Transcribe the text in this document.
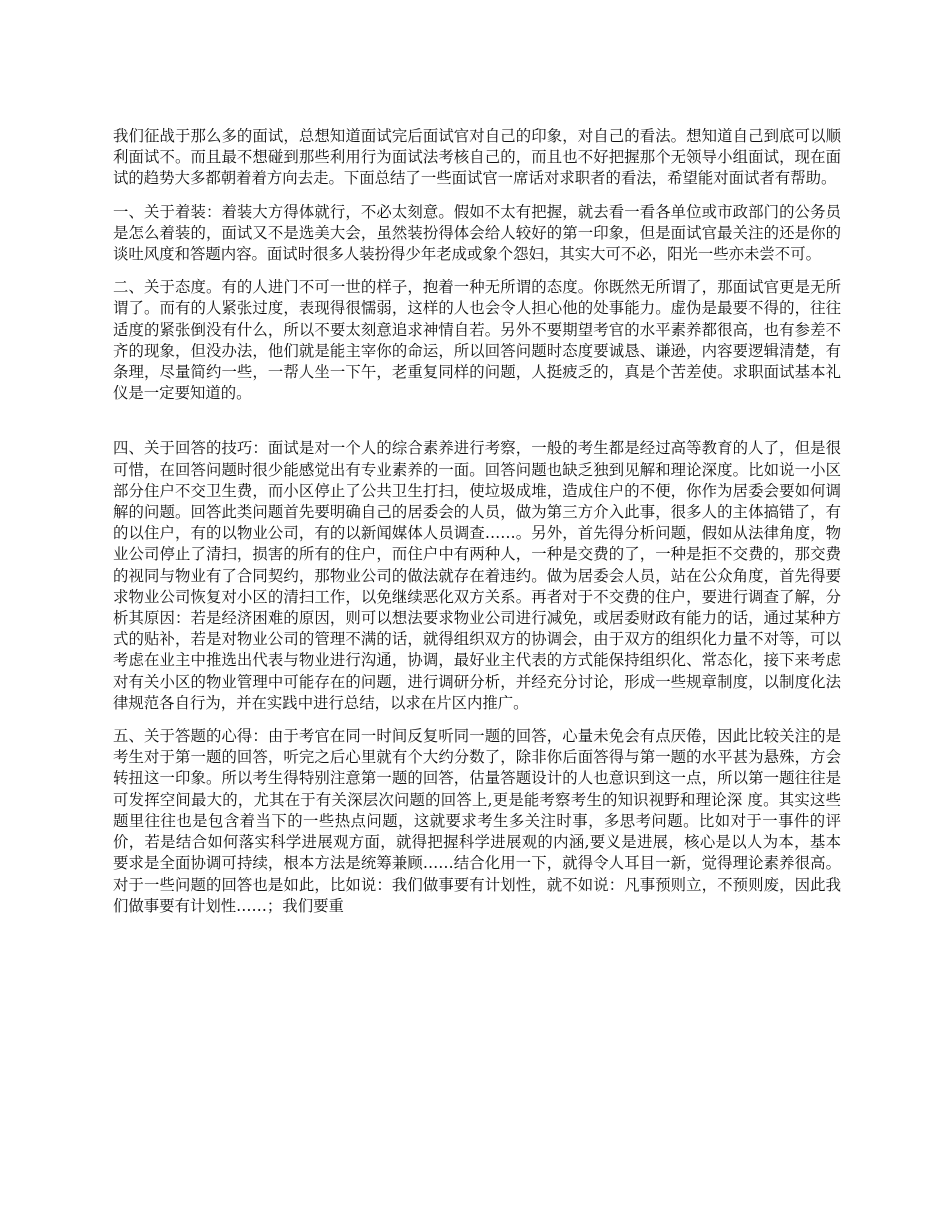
我们征战于那么多的面试，总想知道面试完后面试官对自己的印象，对自己的看法。想知道自己到底可以顺利面试不。而且最不想碰到那些利用行为面试法考核自己的，而且也不好把握那个无领导小组面试，现在面试的趋势大多都朝着着方向去走。下面总结了一些面试官一席话对求职者的看法，希望能对面试者有帮助。

一、关于着装：着装大方得体就行，不必太刻意。假如不太有把握，就去看一看各单位或市政部门的公务员是怎么着装的，面试又不是选美大会，虽然装扮得体会给人较好的第一印象，但是面试官最关注的还是你的谈吐风度和答题内容。面试时很多人装扮得少年老成或象个怨妇，其实大可不必，阳光一些亦未尝不可。

二、关于态度。有的人进门不可一世的样子，抱着一种无所谓的态度。你既然无所谓了，那面试官更是无所谓了。而有的人紧张过度，表现得很懦弱，这样的人也会令人担心他的处事能力。虚伪是最要不得的，往往适度的紧张倒没有什么，所以不要太刻意追求神情自若。另外不要期望考官的水平素养都很高，也有参差不齐的现象，但没办法，他们就是能主宰你的命运，所以回答问题时态度要诚恳、谦逊，内容要逻辑清楚，有条理，尽量简约一些，一帮人坐一下午，老重复同样的问题，人挺疲乏的，真是个苦差使。求职面试基本礼仪是一定要知道的。

四、关于回答的技巧：面试是对一个人的综合素养进行考察，一般的考生都是经过高等教育的人了，但是很可惜，在回答问题时很少能感觉出有专业素养的一面。回答问题也缺乏独到见解和理论深度。比如说一小区部分住户不交卫生费，而小区停止了公共卫生打扫，使垃圾成堆，造成住户的不便，你作为居委会要如何调解的问题。回答此类问题首先要明确自己的居委会的人员，做为第三方介入此事，很多人的主体搞错了，有的以住户，有的以物业公司，有的以新闻媒体人员调查……。另外，首先得分析问题，假如从法律角度，物业公司停止了清扫，损害的所有的住户，而住户中有两种人，一种是交费的了，一种是拒不交费的，那交费的视同与物业有了合同契约，那物业公司的做法就存在着违约。做为居委会人员，站在公众角度，首先得要求物业公司恢复对小区的清扫工作，以免继续恶化双方关系。再者对于不交费的住户，要进行调查了解，分析其原因：若是经济困难的原因，则可以想法要求物业公司进行减免，或居委财政有能力的话，通过某种方式的贴补，若是对物业公司的管理不满的话，就得组织双方的协调会，由于双方的组织化力量不对等，可以考虑在业主中推选出代表与物业进行沟通，协调，最好业主代表的方式能保持组织化、常态化，接下来考虑对有关小区的物业管理中可能存在的问题，进行调研分析，并经充分讨论，形成一些规章制度，以制度化法律规范各自行为，并在实践中进行总结，以求在片区内推广。

五、关于答题的心得：由于考官在同一时间反复听同一题的回答，心量未免会有点厌倦，因此比较关注的是考生对于第一题的回答，听完之后心里就有个大约分数了，除非你后面答得与第一题的水平甚为悬殊，方会转扭这一印象。所以考生得特别注意第一题的回答，估量答题设计的人也意识到这一点，所以第一题往往是可发挥空间最大的，尤其在于有关深层次问题的回答上,更是能考察考生的知识视野和理论深 度。其实这些题里往往也是包含着当下的一些热点问题，这就要求考生多关注时事，多思考问题。比如对于一事件的评价，若是结合如何落实科学进展观方面，就得把握科学进展观的内涵,要义是进展，核心是以人为本，基本要求是全面协调可持续，根本方法是统筹兼顾……结合化用一下，就得令人耳目一新，觉得理论素养很高。对于一些问题的回答也是如此，比如说：我们做事要有计划性，就不如说：凡事预则立，不预则废，因此我们做事要有计划性……；我们要重
